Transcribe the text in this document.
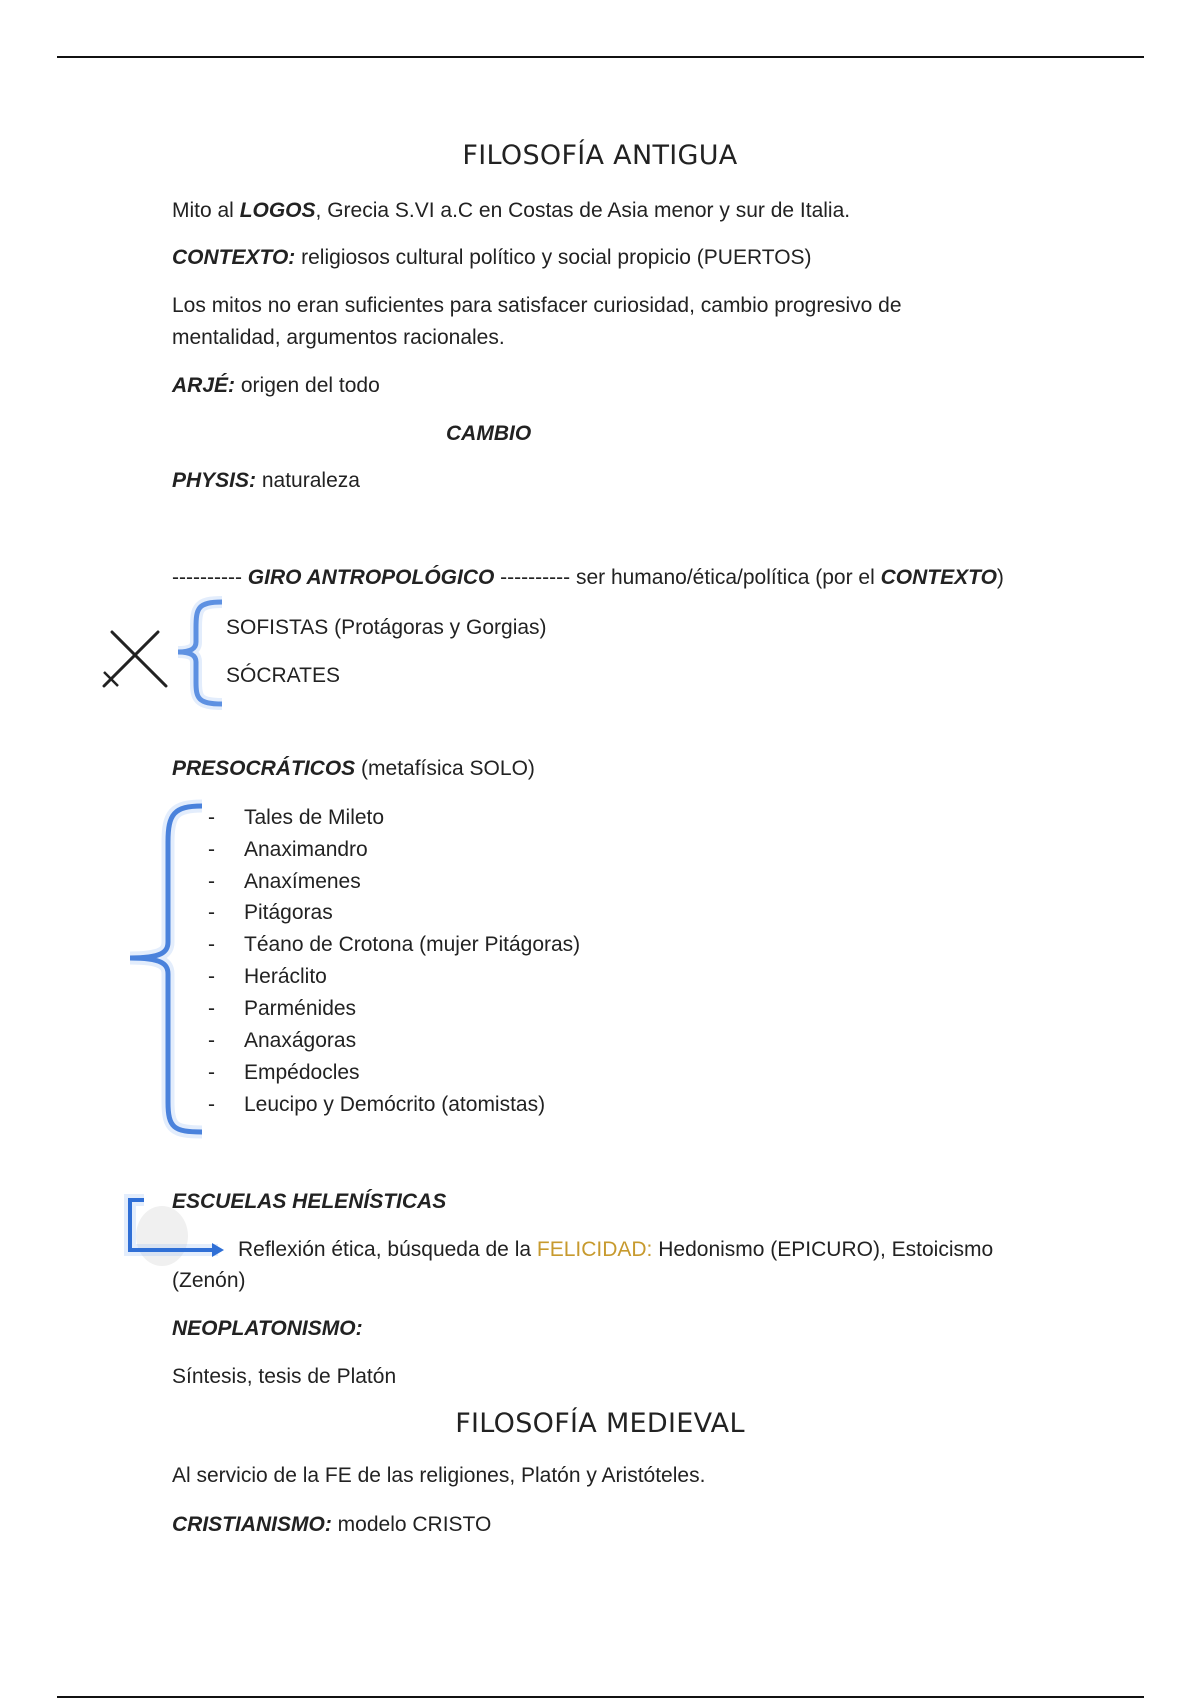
FILOSOFÍA ANTIGUA
Mito al LOGOS, Grecia S.VI a.C en Costas de Asia menor y sur de Italia.
CONTEXTO: religiosos cultural político y social propicio (PUERTOS)
Los mitos no eran suficientes para satisfacer curiosidad, cambio progresivo de mentalidad, argumentos racionales.
ARJÉ: origen del todo
CAMBIO
PHYSIS: naturaleza
---------- GIRO ANTROPOLÓGICO ---------- ser humano/ética/política (por el CONTEXTO)
SOFISTAS (Protágoras y Gorgias)
SÓCRATES
PRESOCRÁTICOS (metafísica SOLO)
- Tales de Mileto
- Anaximandro
- Anaxímenes
- Pitágoras
- Téano de Crotona (mujer Pitágoras)
- Heráclito
- Parménides
- Anaxágoras
- Empédocles
- Leucipo y Demócrito (atomistas)
ESCUELAS HELENÍSTICAS
Reflexión ética, búsqueda de la FELICIDAD: Hedonismo (EPICURO), Estoicismo
(Zenón)
NEOPLATONISMO:
Síntesis, tesis de Platón
FILOSOFÍA MEDIEVAL
Al servicio de la FE de las religiones, Platón y Aristóteles.
CRISTIANISMO: modelo CRISTO
